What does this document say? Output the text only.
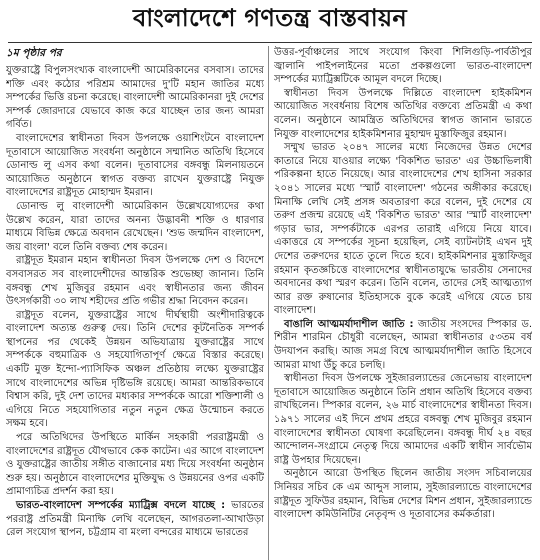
বাংলাদেশে গণতন্ত্র বাস্তবায়ন
১ম পৃষ্ঠার পর

যুক্তরাষ্ট্রে বিপুলসংখ্যক বাংলাদেশী আমেরিকানের বসবাস। তাদের শক্তি এবং কঠোর পরিশ্রম আমাদের দু'টি মহান জাতির মধ্যে সম্পর্কের ভিত্তি রচনা করেছে। বাংলাদেশী আমেরিকানরা দুই দেশের সম্পর্ক জোরদারে যেভাবে কাজ করে যাচ্ছেন তার জন্য আমরা গর্বিত।

বাংলাদেশের স্বাধীনতা দিবস উপলক্ষে ওয়াশিংটনে বাংলাদেশ দূতাবাসে আয়োজিত সংবর্ধনা অনুষ্ঠানে সম্মানিত অতিথি হিসেবে ডোনাল্ড লু এসব কথা বলেন। দূতাবাসের বঙ্গবন্ধু মিলনায়তনে আয়োজিত অনুষ্ঠানে স্বাগত বক্তব্য রাখেন যুক্তরাষ্ট্রে নিযুক্ত বাংলাদেশের রাষ্ট্রদূত মোহাম্মদ ইমরান।

ডোনাল্ড লু বাংলাদেশী আমেরিকান উল্লেখযোগ্যদের কথা উল্লেখ করেন, যারা তাদের অনন্য উদ্ভাবনী শক্তি ও ধারণার মাধ্যমে বিভিন্ন ক্ষেত্রে অবদান রেখেছেন। 'শুভ জন্মদিন বাংলাদেশ, জয় বাংলা' বলে তিনি বক্তব্য শেষ করেন।

রাষ্ট্রদূত ইমরান মহান স্বাধীনতা দিবস উপলক্ষে দেশ ও বিদেশে বসবাসরত সব বাংলাদেশীদের আন্তরিক শুভেচ্ছা জানান। তিনি বঙ্গবন্ধু শেখ মুজিবুর রহমান এবং স্বাধীনতার জন্য জীবন উৎসর্গকারী ৩০ লাখ শহীদের প্রতি গভীর শ্রদ্ধা নিবেদন করেন।

রাষ্ট্রদূত বলেন, যুক্তরাষ্ট্রের সাথে দীর্ঘস্থায়ী অংশীদারিত্বকে বাংলাদেশ অত্যন্ত গুরুত্ব দেয়। তিনি দেশের কূটনৈতিক সম্পর্ক স্থাপনের পর থেকেই উন্নয়ন অভিযাত্রায় যুক্তরাষ্ট্রের সাথে সম্পর্ককে বহুমাত্রিক ও সহযোগিতাপূর্ণ ক্ষেত্রে বিস্তার করেছে। একটি মুক্ত ইন্দো-প্যাসিফিক অঞ্চল প্রতিষ্ঠায় লক্ষ্যে যুক্তরাষ্ট্রের সাথে বাংলাদেশের অভিন্ন দৃষ্টিভঙ্গি রয়েছে। আমরা আন্তরিকভাবে বিশ্বাস করি, দুই দেশ তাদের মধ্যকার সম্পর্ককে আরো শক্তিশালী ও এগিয়ে নিতে সহযোগিতার নতুন নতুন ক্ষেত্র উন্মোচন করতে সক্ষম হবে।

পরে অতিথিদের উপস্থিতে মার্কিন সহকারী পররাষ্ট্রমন্ত্রী ও বাংলাদেশের রাষ্ট্রদূত যৌথভাবে কেক কাটেন। এর আগে বাংলাদেশ ও যুক্তরাষ্ট্রের জাতীয় সঙ্গীত বাজানোর মধ্য দিয়ে সংবর্ধনা অনুষ্ঠান শুরু হয়। অনুষ্ঠানে বাংলাদেশের মুক্তিযুদ্ধ ও উন্নয়নের ওপর একটি প্রামাণ্যচিত্র প্রদর্শন করা হয়।

ভারত-বাংলাদেশ সম্পর্কের ম্যাট্রিক্স বদলে যাচ্ছে : ভারতের পররাষ্ট্র প্রতিমন্ত্রী মিনাক্ষি লেখি বলেছেন, আগরতলা-আখাউড়া রেল সংযোগ স্থাপন, চট্টগ্রাম বা মংলা বন্দরের মাধ্যমে ভারতের

উত্তর-পূর্বাঞ্চলের সাথে সংযোগ কিংবা শিলিগুড়ি-পার্বতীপুর জ্বালানি পাইপলাইনের মতো প্রকল্পগুলো ভারত-বাংলাদেশ সম্পর্কের ম্যাট্রিক্সটিকে আমূল বদলে দিচ্ছে।

স্বাধীনতা দিবস উপলক্ষে দিল্লিতে বাংলাদেশ হাইকমিশন আয়োজিত সংবর্ধনায় বিশেষ অতিথির বক্তব্যে প্রতিমন্ত্রী এ কথা বলেন। অনুষ্ঠানে আমন্ত্রিত অতিথিদের স্বাগত জানান ভারতে নিযুক্ত বাংলাদেশের হাইকমিশনার মুহাম্মদ মুস্তাফিজুর রহমান।

সম্মুখ ভারত ২০৪৭ সালের মধ্যে নিজেদের উন্নত দেশের কাতারে নিয়ে যাওয়ার লক্ষ্যে 'বিকশিত ভারত' এর উচ্চাভিলাষী পরিকল্পনা হাতে নিয়েছে। আর বাংলাদেশের শেখ হাসিনা সরকার ২০৪১ সালের মধ্যে 'স্মার্ট বাংলাদেশ' গঠনের অঙ্গীকার করেছে। মিনাক্ষি লেখি সেই প্রসঙ্গ অবতারণা করে বলেন, দুই দেশের যে তরুণ প্রজন্ম রয়েছে এই 'বিকশিত ভারত' আর 'স্মার্ট বাংলাদেশ' গড়ার ভার, সম্পর্কটাকে এরপর তারাই এগিয়ে নিয়ে যাবে। একাত্তরে যে সম্পর্কের সূচনা হয়েছিল, সেই ব্যাটনটাই এখন দুই দেশের তরুণদের হাতে তুলে দিতে হবে। হাইকমিশনার মুস্তাফিজুর রহমান কৃতজ্ঞচিত্তে বাংলাদেশের স্বাধীনতাযুদ্ধে ভারতীয় সেনাদের অবদানের কথা স্মরণ করেন। তিনি বলেন, তাদের সেই আত্মত্যাগ আর রক্ত রুষানোর ইতিহাসকে বুকে করেই এগিয়ে যেতে চায় বাংলাদেশ।

বাঙালি আত্মমর্যাদাশীল জাতি : জাতীয় সংসদের স্পিকার ড. শিরীন শারমিন চৌধুরী বলেছেন, আমরা স্বাধীনতার ৫৩তম বর্ষ উদযাপন করছি। আজ সমগ্র বিশ্বে আত্মমর্যাদাশীল জাতি হিসেবে আমরা মাথা উঁচু করে চলছি।

স্বাধীনতা দিবস উপলক্ষে সুইজারল্যান্ডের জেনেভায় বাংলাদেশ দূতাবাসে আয়োজিত অনুষ্ঠানে তিনি প্রধান অতিথি হিসেবে বক্তব্য রাখছিলেন। স্পিকার বলেন, ২৬ মার্চ বাংলাদেশের স্বাধীনতা দিবস। ১৯৭১ সালের এই দিনে প্রথম প্রহরে বঙ্গবন্ধু শেখ মুজিবুর রহমান বাংলাদেশের স্বাধীনতা ঘোষণা করেছিলেন। বঙ্গবন্ধু দীর্ঘ ২৪ বছর আন্দোলন-সংগ্রামে নেতৃত্ব দিয়ে আমাদের একটি স্বাধীন সার্বভৌম রাষ্ট্র উপহার দিয়েছেন।

অনুষ্ঠানে আরো উপস্থিত ছিলেন জাতীয় সংসদ সচিবালয়ের সিনিয়র সচিব কে এম আব্দুস সালাম, সুইজারল্যান্ডে বাংলাদেশের রাষ্ট্রদূত সুফিউর রহমান, বিভিন্ন দেশের মিশন প্রধান, সুইজারল্যান্ডে বাংলাদেশ কমিউনিটির নেতৃবৃন্দ ও দূতাবাসের কর্মকর্তারা।
